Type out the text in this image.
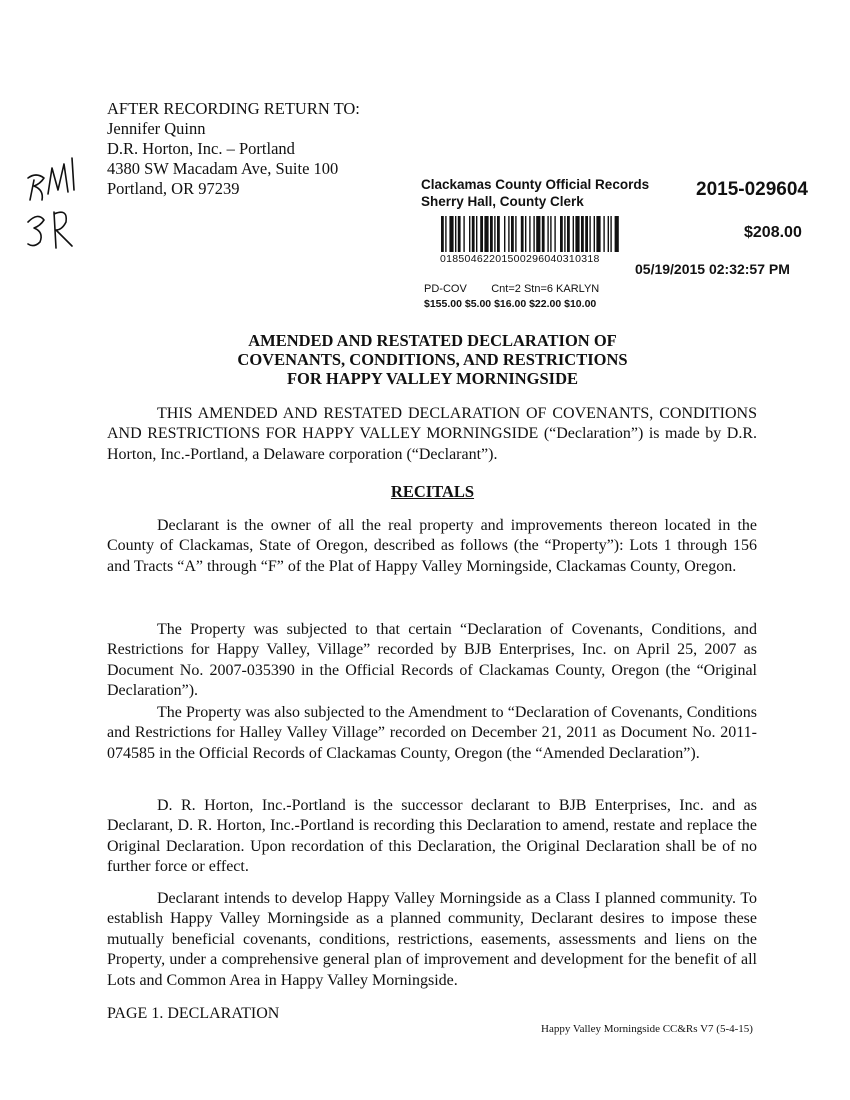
AFTER RECORDING RETURN TO:
Jennifer Quinn
D.R. Horton, Inc. – Portland
4380 SW Macadam Ave, Suite 100
Portland, OR 97239	Clackamas County Official Records
Sherry Hall, County Clerk
2015-029604
01850462201500296040310318
$208.00
05/19/2015 02:32:57 PM
PD-COV        Cnt=2 Stn=6 KARLYN
$155.00 $5.00 $16.00 $22.00 $10.00
AMENDED AND RESTATED DECLARATION OF
COVENANTS, CONDITIONS, AND RESTRICTIONS
FOR HAPPY VALLEY MORNINGSIDE
THIS AMENDED AND RESTATED DECLARATION OF COVENANTS, CONDITIONS AND RESTRICTIONS FOR HAPPY VALLEY MORNINGSIDE (“Declaration”) is made by D.R. Horton, Inc.-Portland, a Delaware corporation (“Declarant”).
RECITALS
Declarant is the owner of all the real property and improvements thereon located in the County of Clackamas, State of Oregon, described as follows (the “Property”): Lots 1 through 156 and Tracts “A” through “F” of the Plat of Happy Valley Morningside, Clackamas County, Oregon.
The Property was subjected to that certain “Declaration of Covenants, Conditions, and Restrictions for Happy Valley, Village” recorded by BJB Enterprises, Inc. on April 25, 2007 as Document No. 2007-035390 in the Official Records of Clackamas County, Oregon (the “Original Declaration”).
The Property was also subjected to the Amendment to “Declaration of Covenants, Conditions and Restrictions for Halley Valley Village” recorded on December 21, 2011 as Document No. 2011-074585 in the Official Records of Clackamas County, Oregon (the “Amended Declaration”).
D. R. Horton, Inc.-Portland is the successor declarant to BJB Enterprises, Inc. and as Declarant, D. R. Horton, Inc.-Portland is recording this Declaration to amend, restate and replace the Original Declaration. Upon recordation of this Declaration, the Original Declaration shall be of no further force or effect.
Declarant intends to develop Happy Valley Morningside as a Class I planned community. To establish Happy Valley Morningside as a planned community, Declarant desires to impose these mutually beneficial covenants, conditions, restrictions, easements, assessments and liens on the Property, under a comprehensive general plan of improvement and development for the benefit of all Lots and Common Area in Happy Valley Morningside.
PAGE 1. DECLARATION
Happy Valley Morningside CC&Rs V7 (5-4-15)
